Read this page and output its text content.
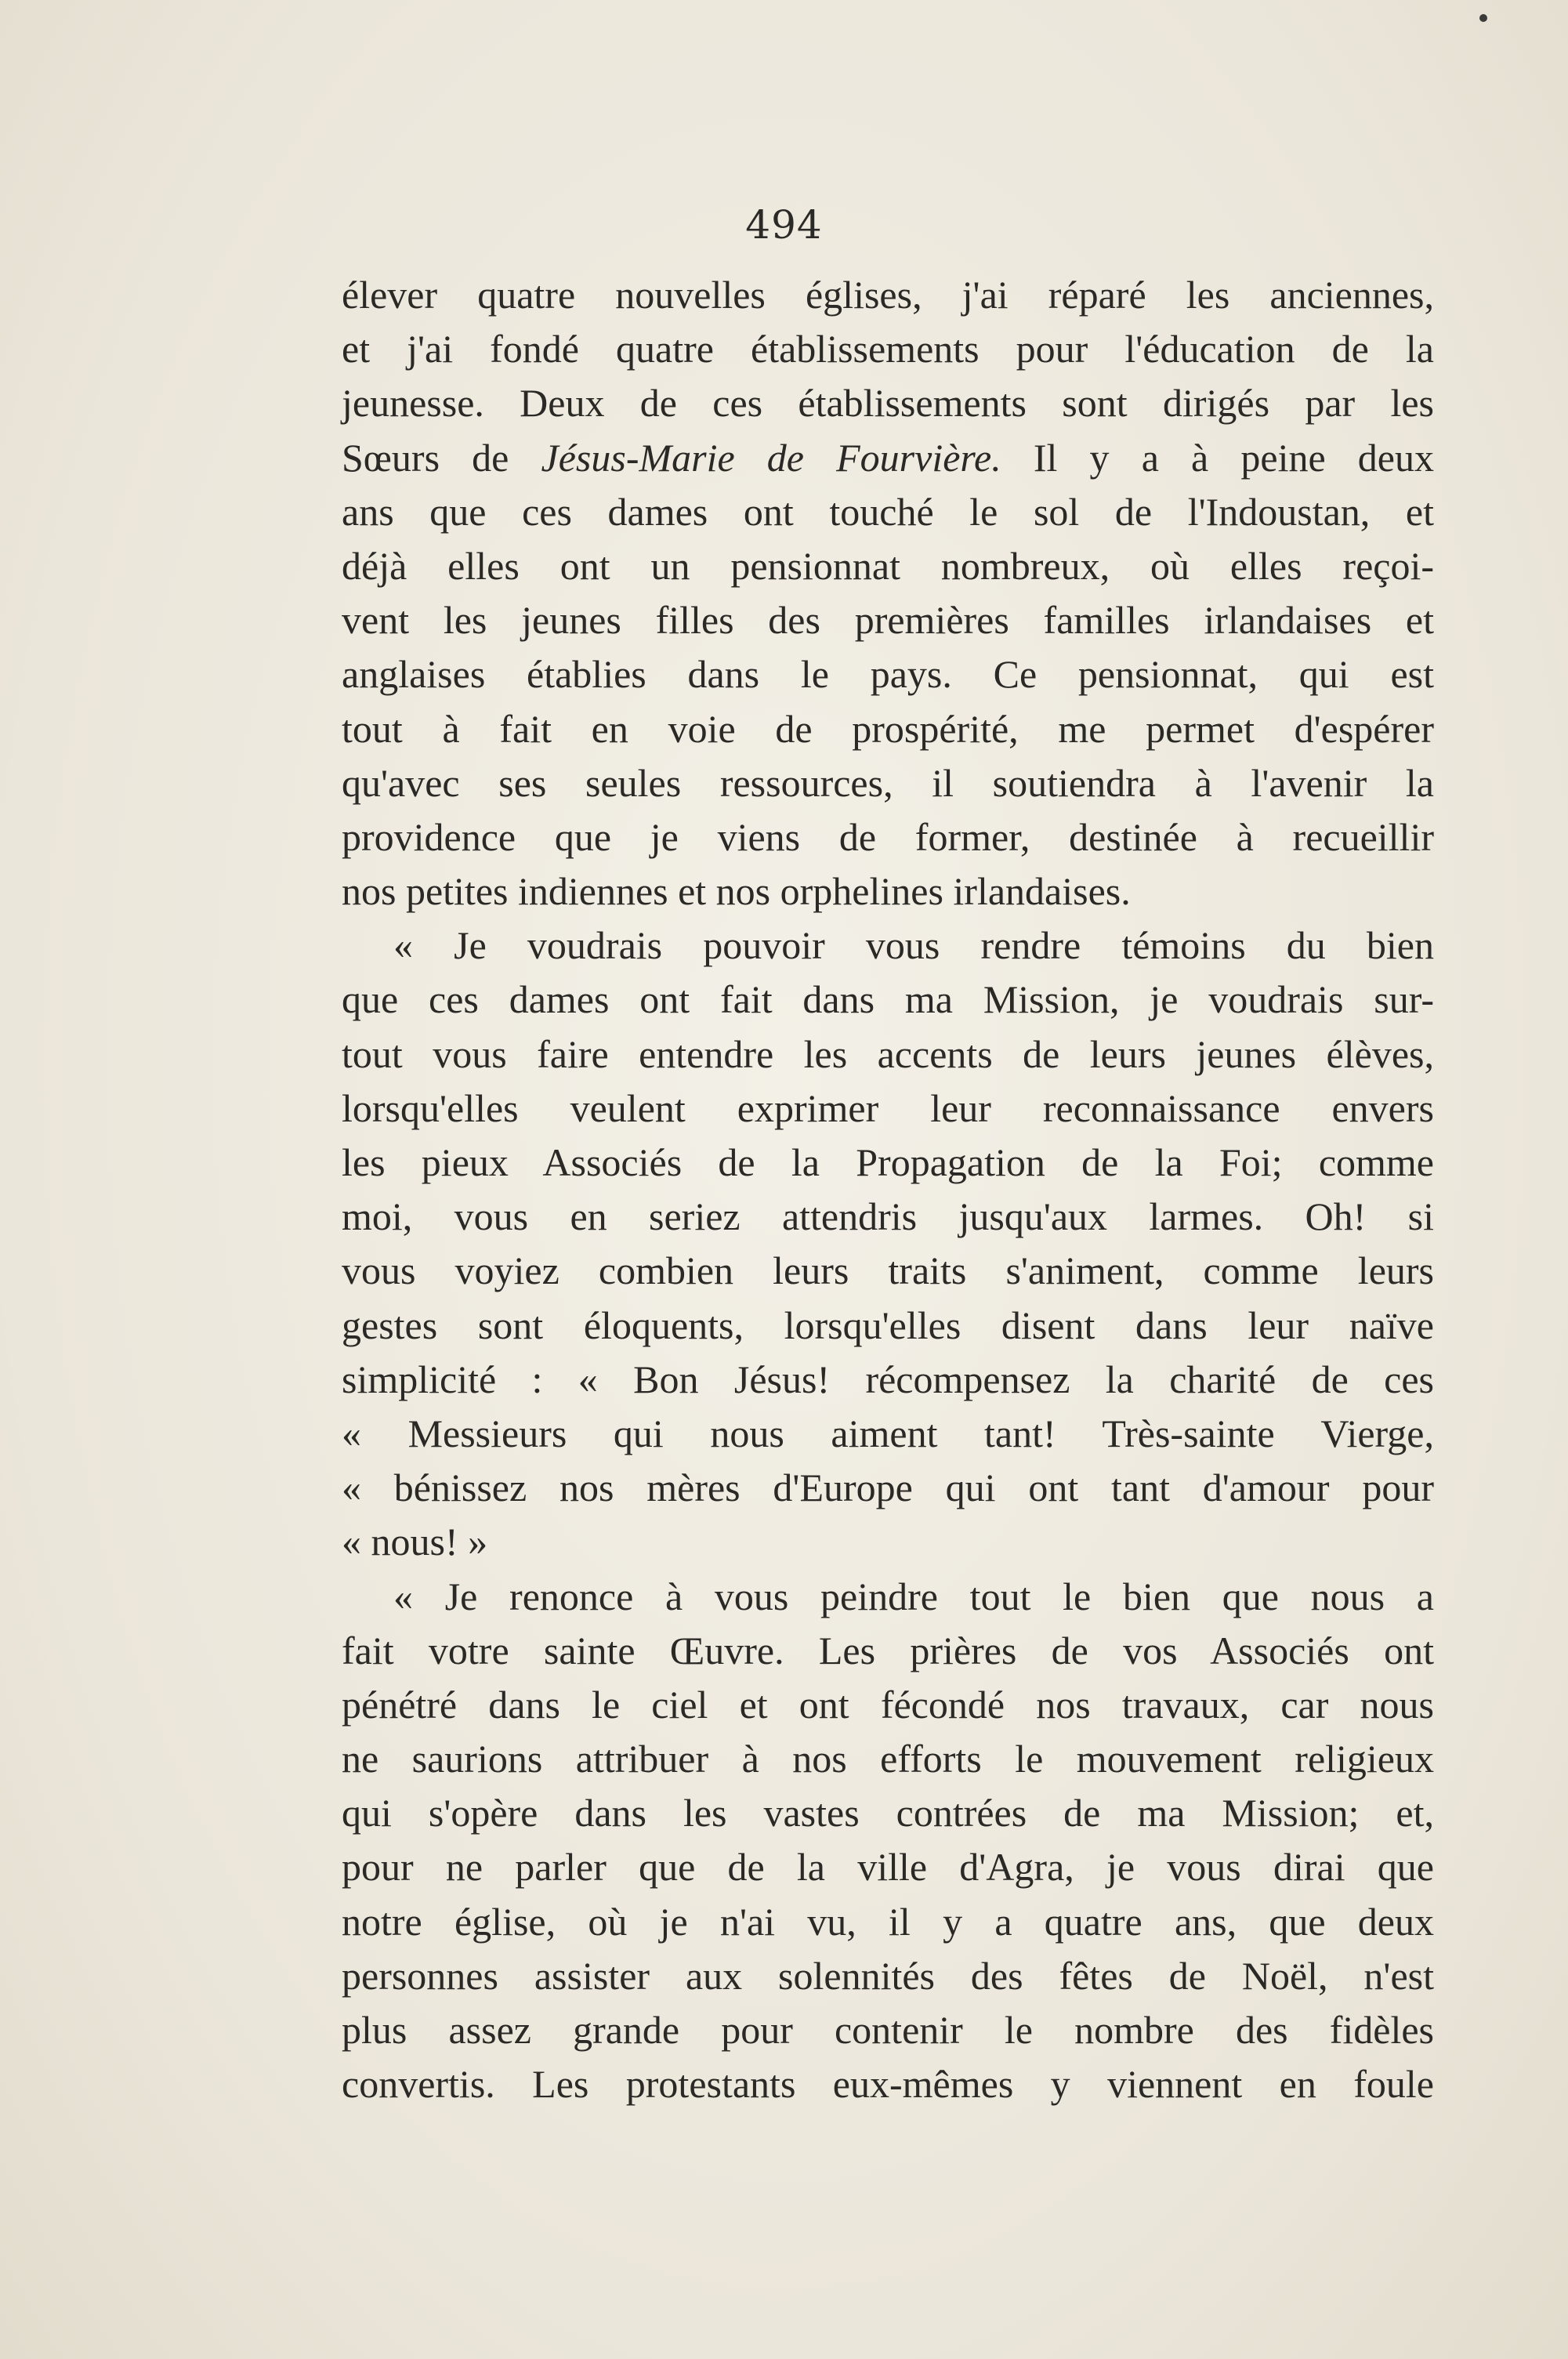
494
élever quatre nouvelles églises, j'ai réparé les anciennes,
et j'ai fondé quatre établissements pour l'éducation de la
jeunesse. Deux de ces établissements sont dirigés par les
Sœurs de Jésus-Marie de Fourvière. Il y a à peine deux
ans que ces dames ont touché le sol de l'Indoustan, et
déjà elles ont un pensionnat nombreux, où elles reçoi-
vent les jeunes filles des premières familles irlandaises et
anglaises établies dans le pays. Ce pensionnat, qui est
tout à fait en voie de prospérité, me permet d'espérer
qu'avec ses seules ressources, il soutiendra à l'avenir la
providence que je viens de former, destinée à recueillir
nos petites indiennes et nos orphelines irlandaises.
« Je voudrais pouvoir vous rendre témoins du bien
que ces dames ont fait dans ma Mission, je voudrais sur-
tout vous faire entendre les accents de leurs jeunes élèves,
lorsqu'elles veulent exprimer leur reconnaissance envers
les pieux Associés de la Propagation de la Foi; comme
moi, vous en seriez attendris jusqu'aux larmes. Oh! si
vous voyiez combien leurs traits s'animent, comme leurs
gestes sont éloquents, lorsqu'elles disent dans leur naïve
simplicité : « Bon Jésus! récompensez la charité de ces
« Messieurs qui nous aiment tant! Très-sainte Vierge,
« bénissez nos mères d'Europe qui ont tant d'amour pour
« nous! »
« Je renonce à vous peindre tout le bien que nous a
fait votre sainte Œuvre. Les prières de vos Associés ont
pénétré dans le ciel et ont fécondé nos travaux, car nous
ne saurions attribuer à nos efforts le mouvement religieux
qui s'opère dans les vastes contrées de ma Mission; et,
pour ne parler que de la ville d'Agra, je vous dirai que
notre église, où je n'ai vu, il y a quatre ans, que deux
personnes assister aux solennités des fêtes de Noël, n'est
plus assez grande pour contenir le nombre des fidèles
convertis. Les protestants eux-mêmes y viennent en foule
